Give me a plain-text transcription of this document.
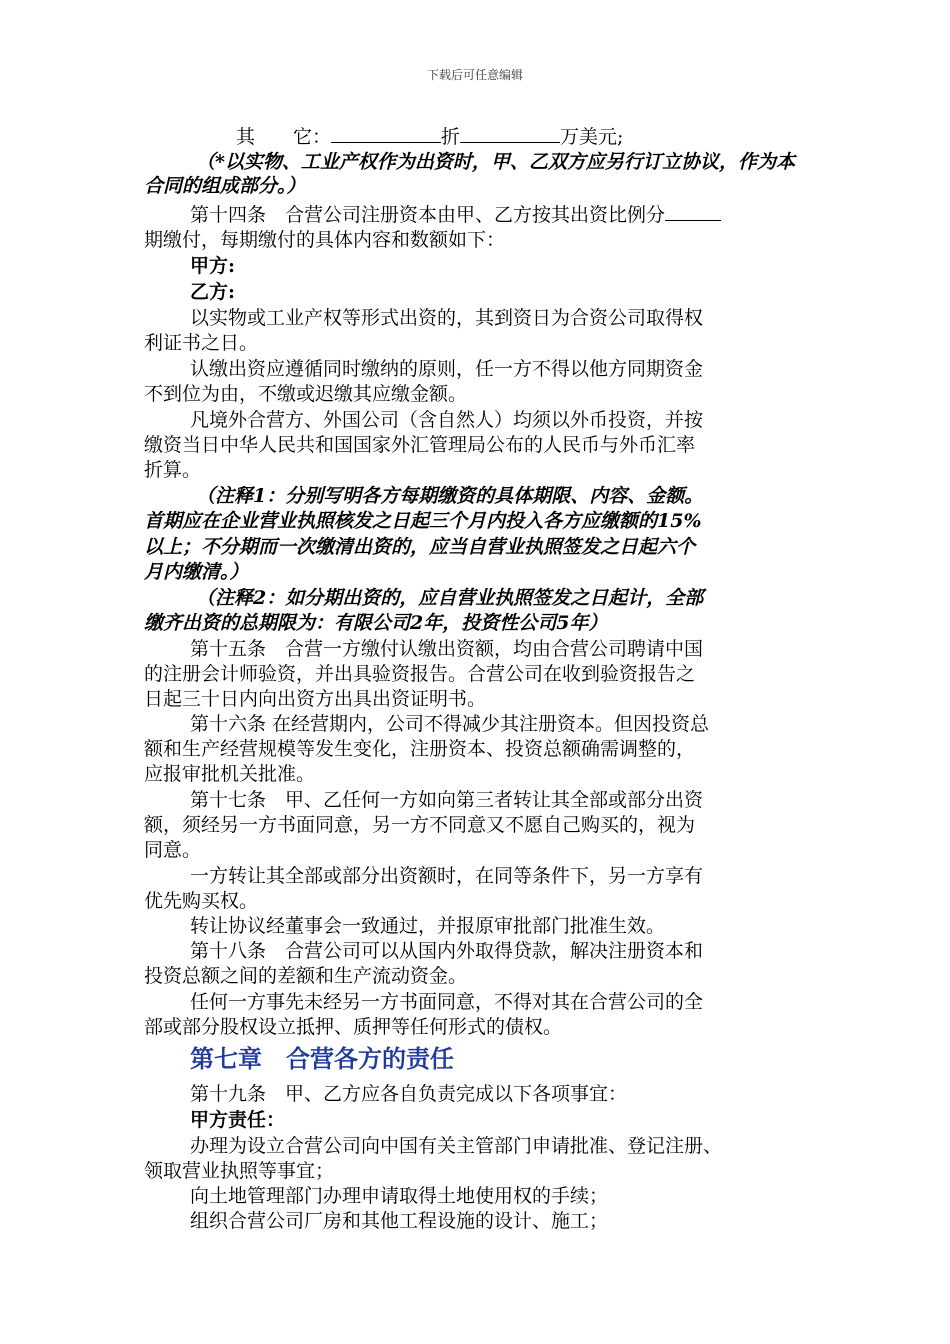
下载后可任意编辑
其　　它：	折	万美元;
（*以实物、工业产权作为出资时，甲、乙双方应另行订立协议，作为本
合同的组成部分。）
第十四条　合营公司注册资本由甲、乙方按其出资比例分
期缴付，每期缴付的具体内容和数额如下：
甲方:
乙方:
以实物或工业产权等形式出资的，其到资日为合资公司取得权
利证书之日。
认缴出资应遵循同时缴纳的原则，任一方不得以他方同期资金
不到位为由，不缴或迟缴其应缴金额。
凡境外合营方、外国公司（含自然人）均须以外币投资，并按
缴资当日中华人民共和国国家外汇管理局公布的人民币与外币汇率
折算。
（注释1：分别写明各方每期缴资的具体期限、内容、金额。
首期应在企业营业执照核发之日起三个月内投入各方应缴额的15%
以上；不分期而一次缴清出资的，应当自营业执照签发之日起六个
月内缴清。）
（注释2：如分期出资的，应自营业执照签发之日起计，全部
缴齐出资的总期限为：有限公司2年，投资性公司5年）
第十五条　合营一方缴付认缴出资额，均由合营公司聘请中国
的注册会计师验资，并出具验资报告。合营公司在收到验资报告之
日起三十日内向出资方出具出资证明书。
第十六条 在经营期内，公司不得减少其注册资本。但因投资总
额和生产经营规模等发生变化，注册资本、投资总额确需调整的，
应报审批机关批准。
第十七条　甲、乙任何一方如向第三者转让其全部或部分出资
额，须经另一方书面同意，另一方不同意又不愿自己购买的，视为
同意。
一方转让其全部或部分出资额时，在同等条件下，另一方享有
优先购买权。
转让协议经董事会一致通过，并报原审批部门批准生效。
第十八条　合营公司可以从国内外取得贷款，解决注册资本和
投资总额之间的差额和生产流动资金。
任何一方事先未经另一方书面同意，不得对其在合营公司的全
部或部分股权设立抵押、质押等任何形式的债权。
第七章　合营各方的责任
第十九条　甲、乙方应各自负责完成以下各项事宜：
甲方责任：
办理为设立合营公司向中国有关主管部门申请批准、登记注册、
领取营业执照等事宜；
向土地管理部门办理申请取得土地使用权的手续；
组织合营公司厂房和其他工程设施的设计、施工；
